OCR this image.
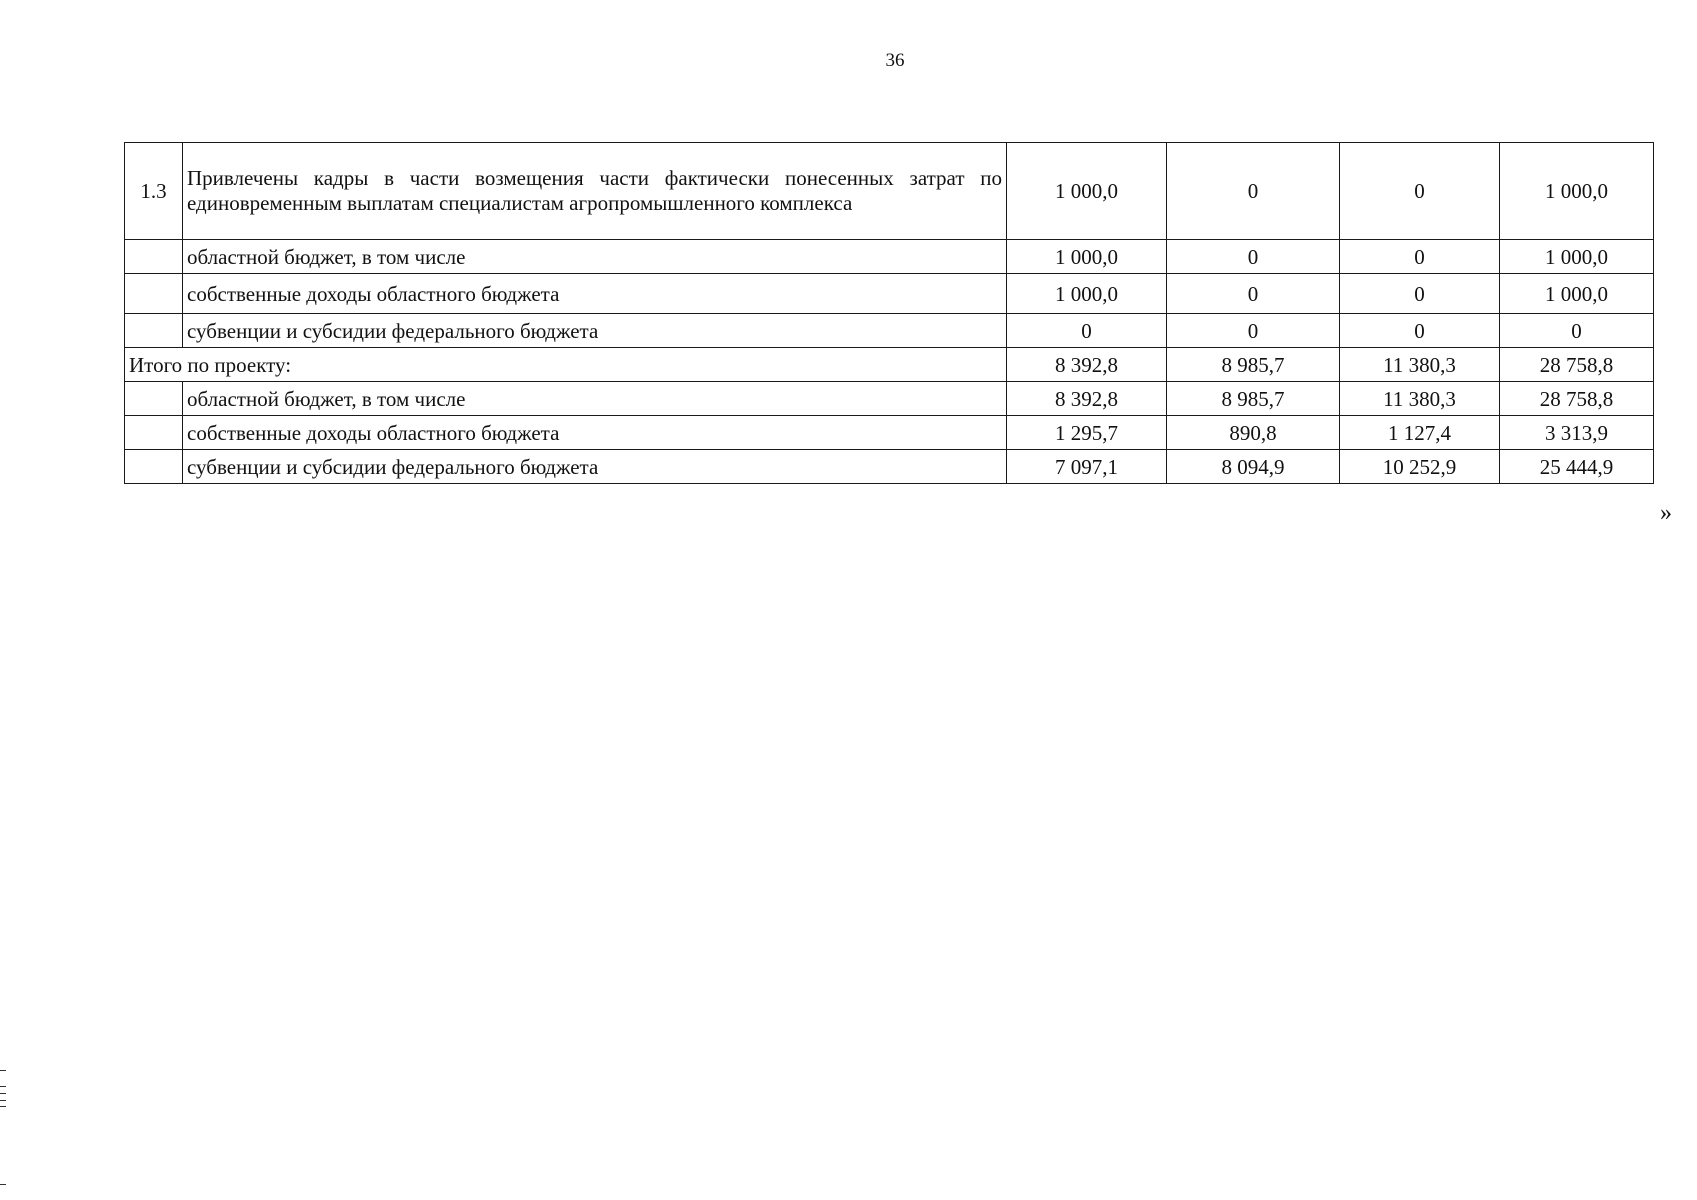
36
1.3	Привлечены кадры в части возмещения части фактически понесенных затрат по единовременным выплатам специалистам агропромышленного комплекса	1 000,0	0	0	1 000,0
	областной бюджет, в том числе	1 000,0	0	0	1 000,0
	собственные доходы областного бюджета	1 000,0	0	0	1 000,0
	субвенции и субсидии федерального бюджета	0	0	0	0
Итого по проекту:		8 392,8	8 985,7	11 380,3	28 758,8
	областной бюджет, в том числе	8 392,8	8 985,7	11 380,3	28 758,8
	собственные доходы областного бюджета	1 295,7	890,8	1 127,4	3 313,9
	субвенции и субсидии федерального бюджета	7 097,1	8 094,9	10 252,9	25 444,9
»
